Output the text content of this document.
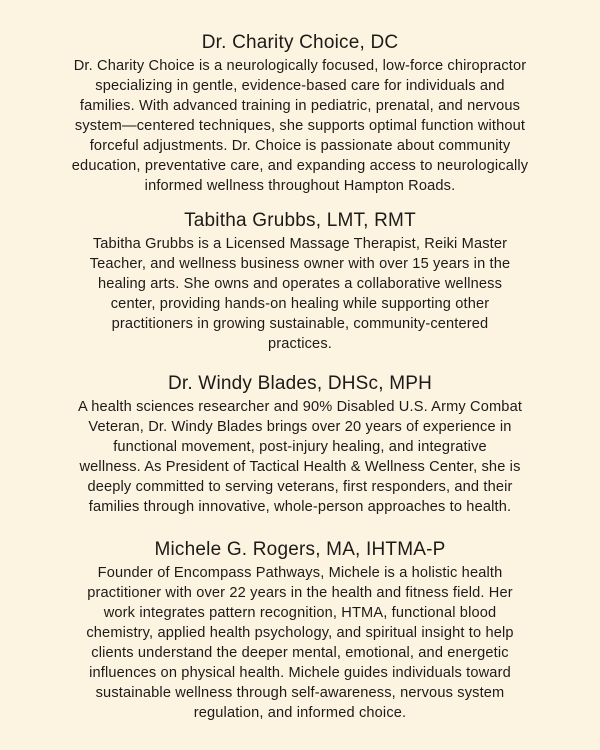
Dr. Charity Choice, DC
Dr. Charity Choice is a neurologically focused, low-force chiropractor
specializing in gentle, evidence-based care for individuals and
families. With advanced training in pediatric, prenatal, and nervous
system—centered techniques, she supports optimal function without
forceful adjustments. Dr. Choice is passionate about community
education, preventative care, and expanding access to neurologically
informed wellness throughout Hampton Roads.
Tabitha Grubbs, LMT, RMT
Tabitha Grubbs is a Licensed Massage Therapist, Reiki Master
Teacher, and wellness business owner with over 15 years in the
healing arts. She owns and operates a collaborative wellness
center, providing hands-on healing while supporting other
practitioners in growing sustainable, community-centered
practices.
Dr. Windy Blades, DHSc, MPH
A health sciences researcher and 90% Disabled U.S. Army Combat
Veteran, Dr. Windy Blades brings over 20 years of experience in
functional movement, post-injury healing, and integrative
wellness. As President of Tactical Health & Wellness Center, she is
deeply committed to serving veterans, first responders, and their
families through innovative, whole-person approaches to health.
Michele G. Rogers, MA, IHTMA-P
Founder of Encompass Pathways, Michele is a holistic health
practitioner with over 22 years in the health and fitness field. Her
work integrates pattern recognition, HTMA, functional blood
chemistry, applied health psychology, and spiritual insight to help
clients understand the deeper mental, emotional, and energetic
influences on physical health. Michele guides individuals toward
sustainable wellness through self-awareness, nervous system
regulation, and informed choice.
